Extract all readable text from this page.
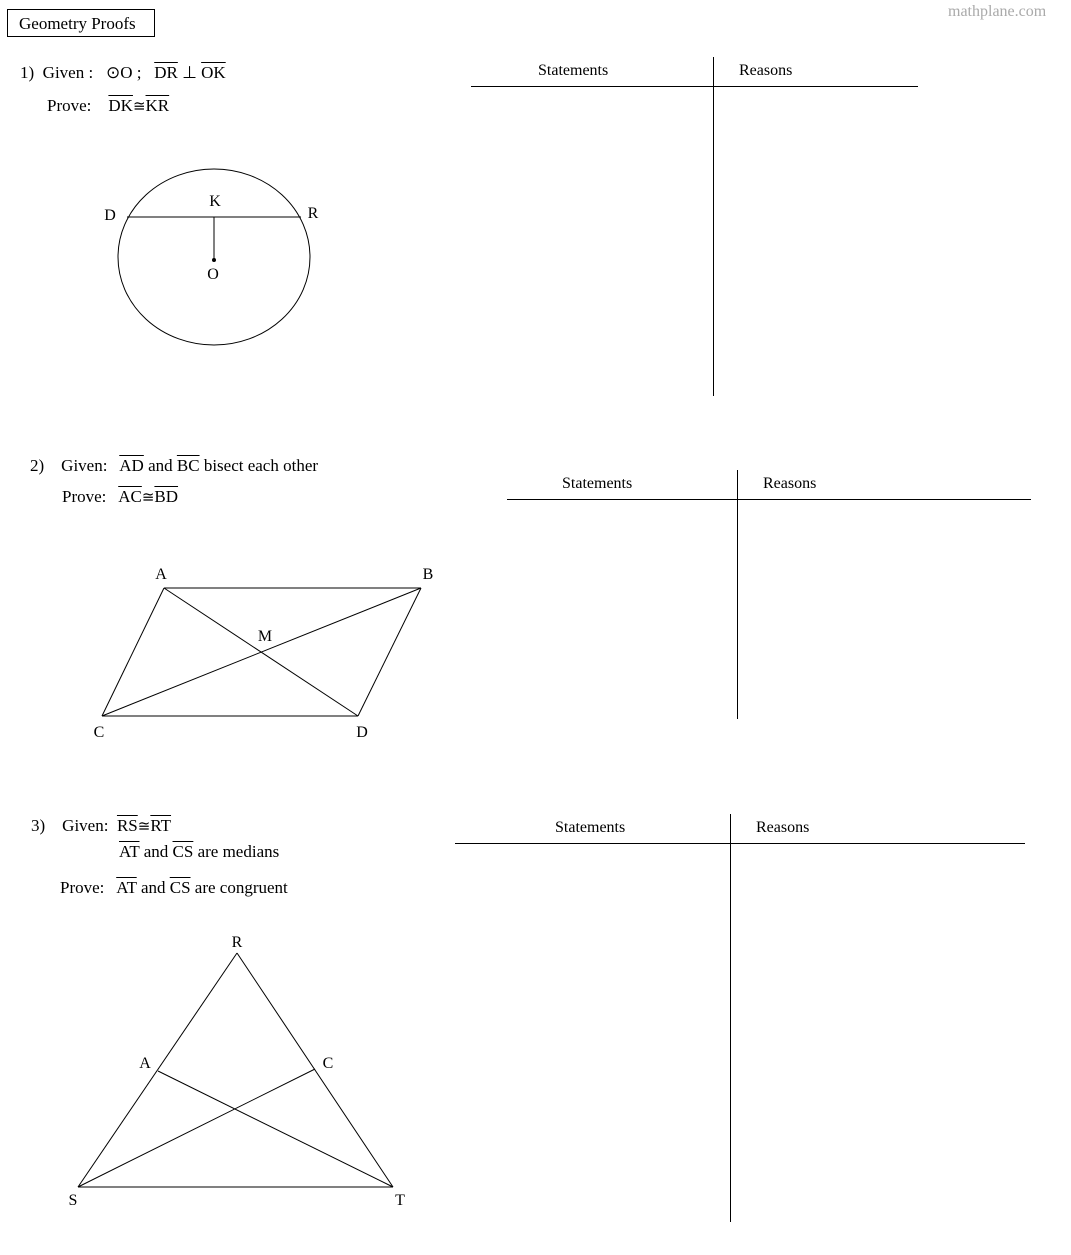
Geometry Proofs
mathplane.com
1) Given : ⊙O ; $\overline{DR}$ ⊥ $\overline{OK}$
Prove: $\overline{DK}≅\overline{KR}$
2) Given: $\overline{AD}$ and $\overline{BC}$ bisect each other
Prove: $\overline{AC}≅\overline{BD}$
3) Given: $\overline{RS}≅\overline{RT}$
$\overline{AT}$ and $\overline{CS}$ are medians
Prove: $\overline{AT}$ and $\overline{CS}$ are congruent
Statements	Reasons
Statements	Reasons
Statements	Reasons
D
K
R
O
A	B
M
C	D
R
A	C
S	T
